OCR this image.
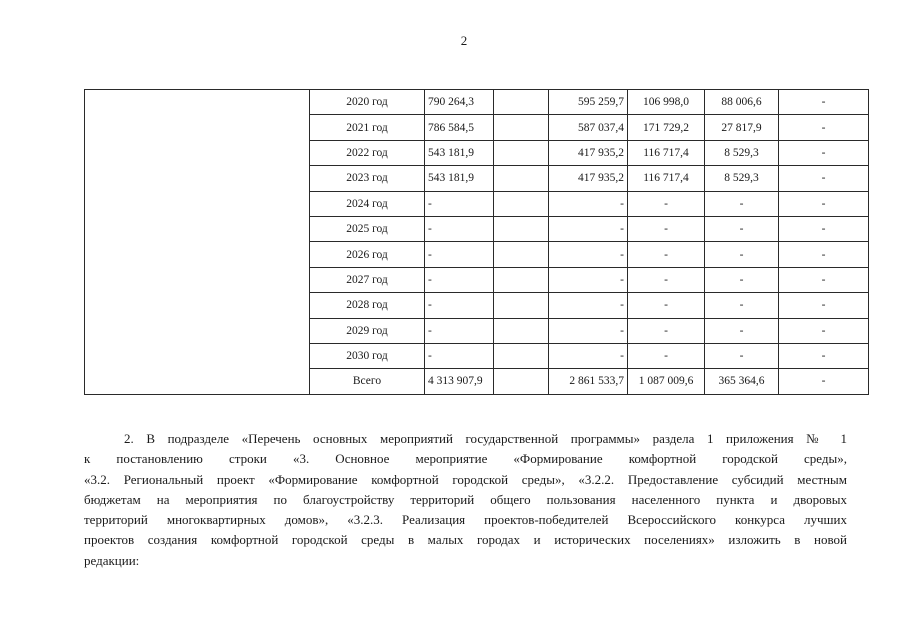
2
	2020 год	790 264,3		595 259,7	106 998,0	88 006,6	-
	2021 год	786 584,5		587 037,4	171 729,2	27 817,9	-
	2022 год	543 181,9		417 935,2	116 717,4	8 529,3	-
	2023 год	543 181,9		417 935,2	116 717,4	8 529,3	-
	2024 год	-		-	-	-	-
	2025 год	-		-	-	-	-
	2026 год	-		-	-	-	-
	2027 год	-		-	-	-	-
	2028 год	-		-	-	-	-
	2029 год	-		-	-	-	-
	2030 год	-		-	-	-	-
	Всего	4 313 907,9		2 861 533,7	1 087 009,6	365 364,6	-
2. В подразделе «Перечень основных мероприятий государственной программы» раздела 1 приложения № 1
к постановлению строки «3. Основное мероприятие «Формирование комфортной городской среды»,
«3.2. Региональный проект «Формирование комфортной городской среды», «3.2.2. Предоставление субсидий местным
бюджетам на мероприятия по благоустройству территорий общего пользования населенного пункта и дворовых
территорий многоквартирных домов», «3.2.3. Реализация проектов-победителей Всероссийского конкурса лучших
проектов создания комфортной городской среды в малых городах и исторических поселениях» изложить в новой
редакции:
